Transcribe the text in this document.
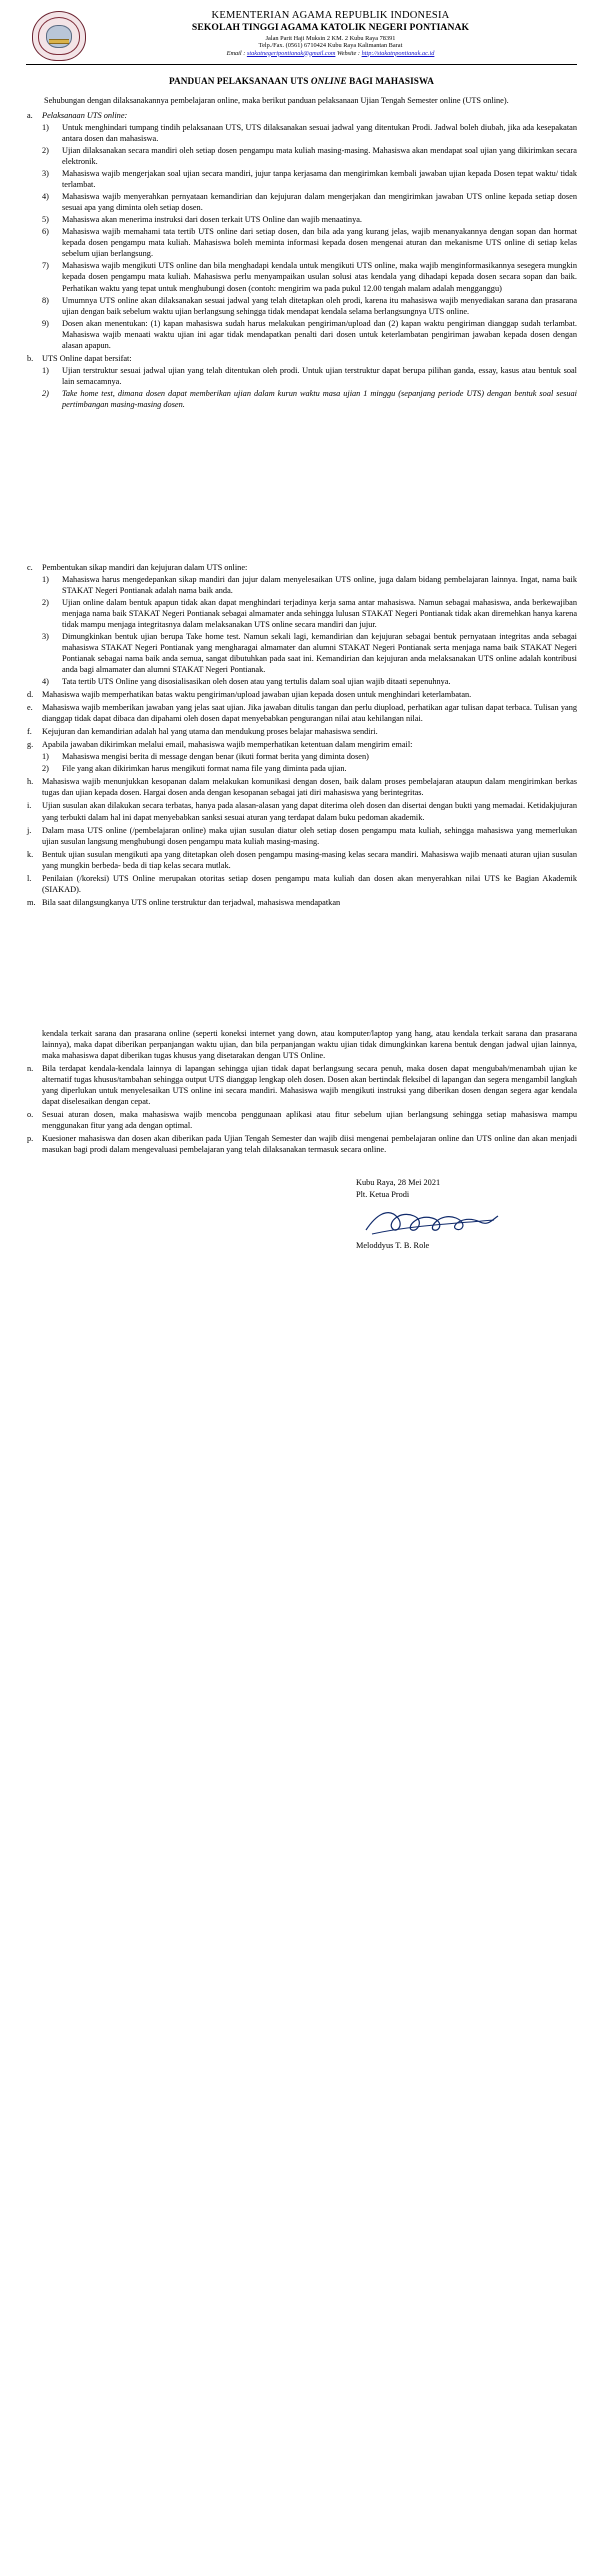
KEMENTERIAN AGAMA REPUBLIK INDONESIA
SEKOLAH TINGGI AGAMA KATOLIK NEGERI PONTIANAK
Jalan Parit Haji Muksin 2 KM. 2 Kubu Raya 78391
Telp./Fax. (0561) 6710424 Kubu Raya Kalimantan Barat
Email : stakatnegeripontianak@gmail.com Website : http://stakatnpontianak.ac.id
PANDUAN PELAKSANAAN UTS ONLINE BAGI MAHASISWA

Sehubungan dengan dilaksanakannya pembelajaran online, maka berikut panduan pelaksanaan Ujian Tengah Semester online (UTS online).

a.	Pelaksanaan UTS online:
1)	Untuk menghindari tumpang tindih pelaksanaan UTS, UTS dilaksanakan sesuai jadwal yang ditentukan Prodi. Jadwal boleh diubah, jika ada kesepakatan antara dosen dan mahasiswa.
2)	Ujian dilaksanakan secara mandiri oleh setiap dosen pengampu mata kuliah masing-masing. Mahasiswa akan mendapat soal ujian yang dikirimkan secara elektronik.
3)	Mahasiswa wajib mengerjakan soal ujian secara mandiri, jujur tanpa kerjasama dan mengirimkan kembali jawaban ujian kepada Dosen tepat waktu/ tidak terlambat.
4)	Mahasiswa wajib menyerahkan pernyataan kemandirian dan kejujuran dalam mengerjakan dan mengirimkan jawaban UTS online kepada setiap dosen sesuai apa yang diminta oleh setiap dosen.
5)	Mahasiswa akan menerima instruksi dari dosen terkait UTS Online dan wajib menaatinya.
6)	Mahasiswa wajib memahami tata tertib UTS online dari setiap dosen, dan bila ada yang kurang jelas, wajib menanyakannya dengan sopan dan hormat kepada dosen pengampu mata kuliah. Mahasiswa boleh meminta informasi kepada dosen mengenai aturan dan mekanisme UTS online di setiap kelas sebelum ujian berlangsung.
7)	Mahasiswa wajib mengikuti UTS online dan bila menghadapi kendala untuk mengikuti UTS online, maka wajib menginformasikannya sesegera mungkin kepada dosen pengampu mata kuliah. Mahasiswa perlu menyampaikan usulan solusi atas kendala yang dihadapi kepada dosen secara sopan dan baik. Perhatikan waktu yang tepat untuk menghubungi dosen (contoh: mengirim wa pada pukul 12.00 tengah malam adalah mengganggu)
8)	Umumnya UTS online akan dilaksanakan sesuai jadwal yang telah ditetapkan oleh prodi, karena itu mahasiswa wajib menyediakan sarana dan prasarana ujian dengan baik sebelum waktu ujian berlangsung sehingga tidak mendapat kendala selama berlangsungnya UTS online.
9)	Dosen akan menentukan: (1) kapan mahasiswa sudah harus melakukan pengiriman/upload dan (2) kapan waktu pengiriman dianggap sudah terlambat. Mahasiswa wajib menaati waktu ujian ini agar tidak mendapatkan penalti dari dosen untuk keterlambatan pengiriman jawaban kepada dosen dengan alasan apapun.
b.	UTS Online dapat bersifat:
1)	Ujian terstruktur sesuai jadwal ujian yang telah ditentukan oleh prodi. Untuk ujian terstruktur dapat berupa pilihan ganda, essay, kasus atau bentuk soal lain semacamnya.
2)	Take home test, dimana dosen dapat memberikan ujian dalam kurun waktu masa ujian 1 minggu (sepanjang periode UTS) dengan bentuk soal sesuai pertimbangan masing-masing dosen.
c.	Pembentukan sikap mandiri dan kejujuran dalam UTS online:
1)	Mahasiswa harus mengedepankan sikap mandiri dan jujur dalam menyelesaikan UTS online, juga dalam bidang pembelajaran lainnya. Ingat, nama baik STAKAT Negeri Pontianak adalah nama baik anda.
2)	Ujian online dalam bentuk apapun tidak akan dapat menghindari terjadinya kerja sama antar mahasiswa. Namun sebagai mahasiswa, anda berkewajiban menjaga nama baik STAKAT Negeri Pontianak sebagai almamater anda sehingga lulusan STAKAT Negeri Pontianak tidak akan diremehkan hanya karena tidak mampu menjaga integritasnya dalam melaksanakan UTS online secara mandiri dan jujur.
3)	Dimungkinkan bentuk ujian berupa Take home test. Namun sekali lagi, kemandirian dan kejujuran sebagai bentuk pernyataan integritas anda sebagai mahasiswa STAKAT Negeri Pontianak yang mengharagai almamater dan alumni STAKAT Negeri Pontianak serta menjaga nama baik STAKAT Negeri Pontianak sebagai nama baik anda semua, sangat dibutuhkan pada saat ini. Kemandirian dan kejujuran anda melaksanakan UTS online adalah kontribusi anda bagi almamater dan alumni STAKAT Negeri Pontianak.
4)	Tata tertib UTS Online yang disosialisasikan oleh dosen atau yang tertulis dalam soal ujian wajib ditaati sepenuhnya.
d.	Mahasiswa wajib memperhatikan batas waktu pengiriman/upload jawaban ujian kepada dosen untuk menghindari keterlambatan.
e.	Mahasiswa wajib memberikan jawaban yang jelas saat ujian. Jika jawaban ditulis tangan dan perlu diupload, perhatikan agar tulisan dapat terbaca. Tulisan yang dianggap tidak dapat dibaca dan dipahami oleh dosen dapat menyebabkan pengurangan nilai atau kehilangan nilai.
f.	Kejujuran dan kemandirian adalah hal yang utama dan mendukung proses belajar mahasiswa sendiri.
g.	Apabila jawaban dikirimkan melalui email, mahasiswa wajib memperhatikan ketentuan dalam mengirim email:
1)	Mahasiswa mengisi berita di message dengan benar (ikuti format berita yang diminta dosen)
2)	File yang akan dikirimkan harus mengikuti format nama file yang diminta pada ujian.
h.	Mahasiswa wajib menunjukkan kesopanan dalam melakukan komunikasi dengan dosen, baik dalam proses pembelajaran ataupun dalam mengirimkan berkas tugas dan ujian kepada dosen. Hargai dosen anda dengan kesopanan sebagai jati diri mahasiswa yang berintegritas.
i.	Ujian susulan akan dilakukan secara terbatas, hanya pada alasan-alasan yang dapat diterima oleh dosen dan disertai dengan bukti yang memadai. Ketidakjujuran yang terbukti dalam hal ini dapat menyebabkan sanksi sesuai aturan yang terdapat dalam buku pedoman akademik.
j.	Dalam masa UTS online (/pembelajaran online) maka ujian susulan diatur oleh setiap dosen pengampu mata kuliah, sehingga mahasiswa yang memerlukan ujian susulan langsung menghubungi dosen pengampu mata kuliah masing-masing.
k.	Bentuk ujian susulan mengikuti apa yang ditetapkan oleh dosen pengampu masing-masing kelas secara mandiri. Mahasiswa wajib menaati aturan ujian susulan yang mungkin berbeda- beda di tiap kelas secara mutlak.
l.	Penilaian (/koreksi) UTS Online merupakan otoritas setiap dosen pengampu mata kuliah dan dosen akan menyerahkan nilai UTS ke Bagian Akademik (SIAKAD).
m. Bila saat dilangsungkanya UTS online terstruktur dan terjadwal, mahasiswa mendapatkan
kendala terkait sarana dan prasarana online (seperti koneksi internet yang down, atau komputer/laptop yang hang, atau kendala terkait sarana dan prasarana lainnya), maka dapat diberikan perpanjangan waktu ujian, dan bila perpanjangan waktu ujian tidak dimungkinkan karena bentuk dengan jadwal ujian lainnya, maka mahasiswa dapat diberikan tugas khusus yang disetarakan dengan UTS Online.
n.	Bila terdapat kendala-kendala lainnya di lapangan sehingga ujian tidak dapat berlangsung secara penuh, maka dosen dapat mengubah/menambah ujian ke alternatif tugas khusus/tambahan sehingga output UTS dianggap lengkap oleh dosen. Dosen akan bertindak fleksibel di lapangan dan segera mengambil langkah yang diperlukan untuk menyelesaikan UTS online ini secara mandiri. Mahasiswa wajib mengikuti instruksi yang diberikan dosen dengan segera agar kendala dapat diselesaikan dengan cepat.
o.	Sesuai aturan dosen, maka mahasiswa wajib mencoba penggunaan aplikasi atau fitur sebelum ujian berlangsung sehingga setiap mahasiswa mampu menggunakan fitur yang ada dengan optimal.
p.	Kuesioner mahasiswa dan dosen akan diberikan pada Ujian Tengah Semester dan wajib diisi mengenai pembelajaran online dan UTS online dan akan menjadi masukan bagi prodi dalam mengevaluasi pembelajaran yang telah dilaksanakan termasuk secara online.
Kubu Raya, 28 Mei 2021
Plt. Ketua Prodi
Meloddyus T. B. Role
